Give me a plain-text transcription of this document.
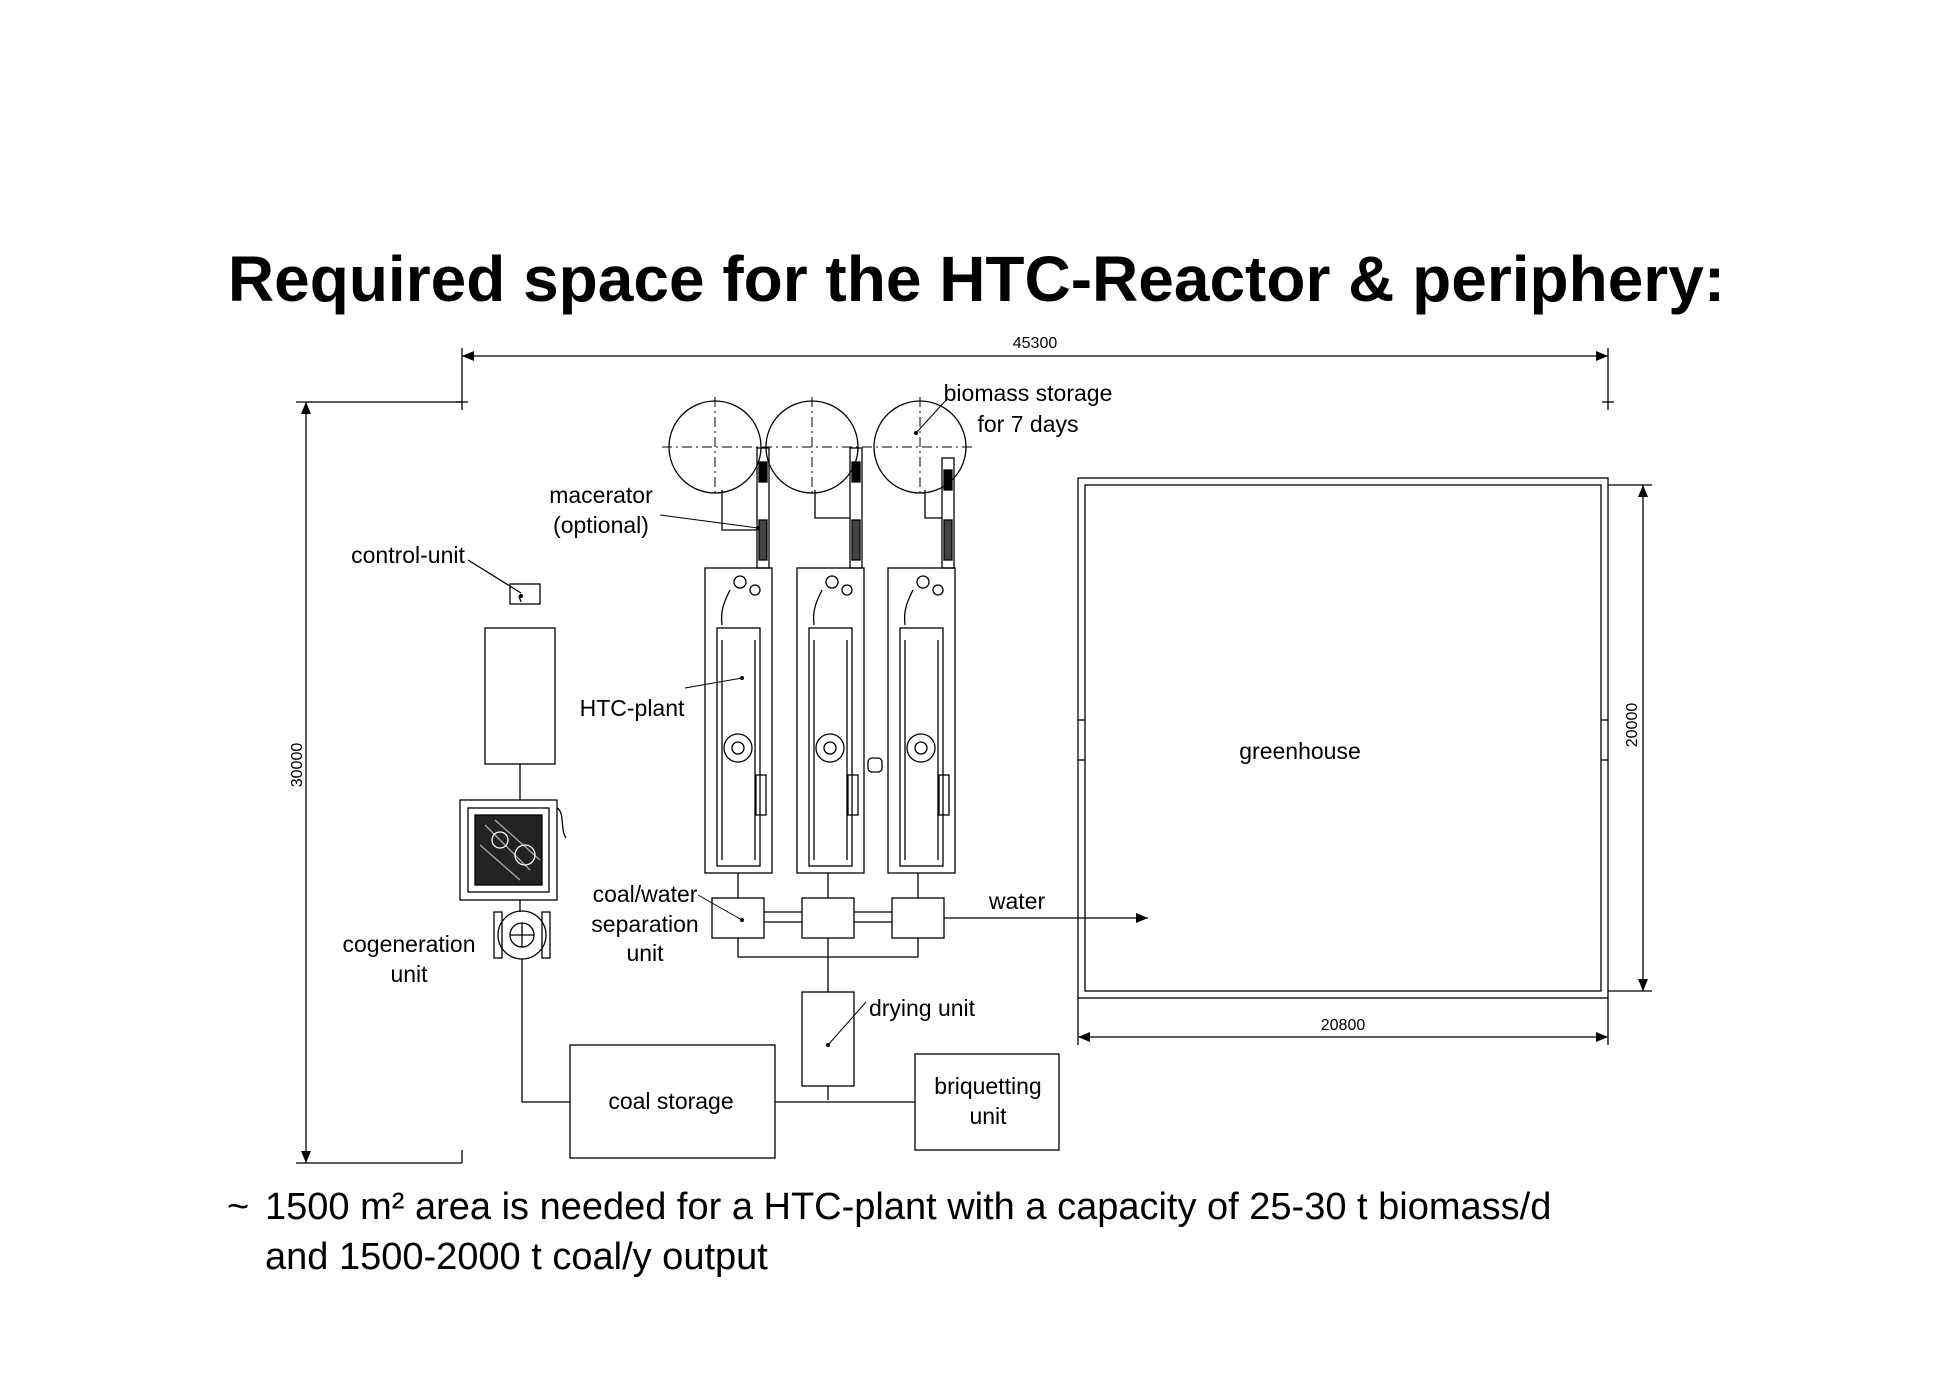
Required space for the HTC-Reactor & periphery:
45300
30000
20000
20800
biomass storage
for 7 days
macerator
(optional)
control-unit
HTC-plant
greenhouse
coal/water
separation
unit
water
cogeneration
unit
drying unit
coal storage
briquetting
unit
~ 1500 m² area is needed for a HTC-plant with a capacity of 25-30 t biomass/d
and 1500-2000 t coal/y output
